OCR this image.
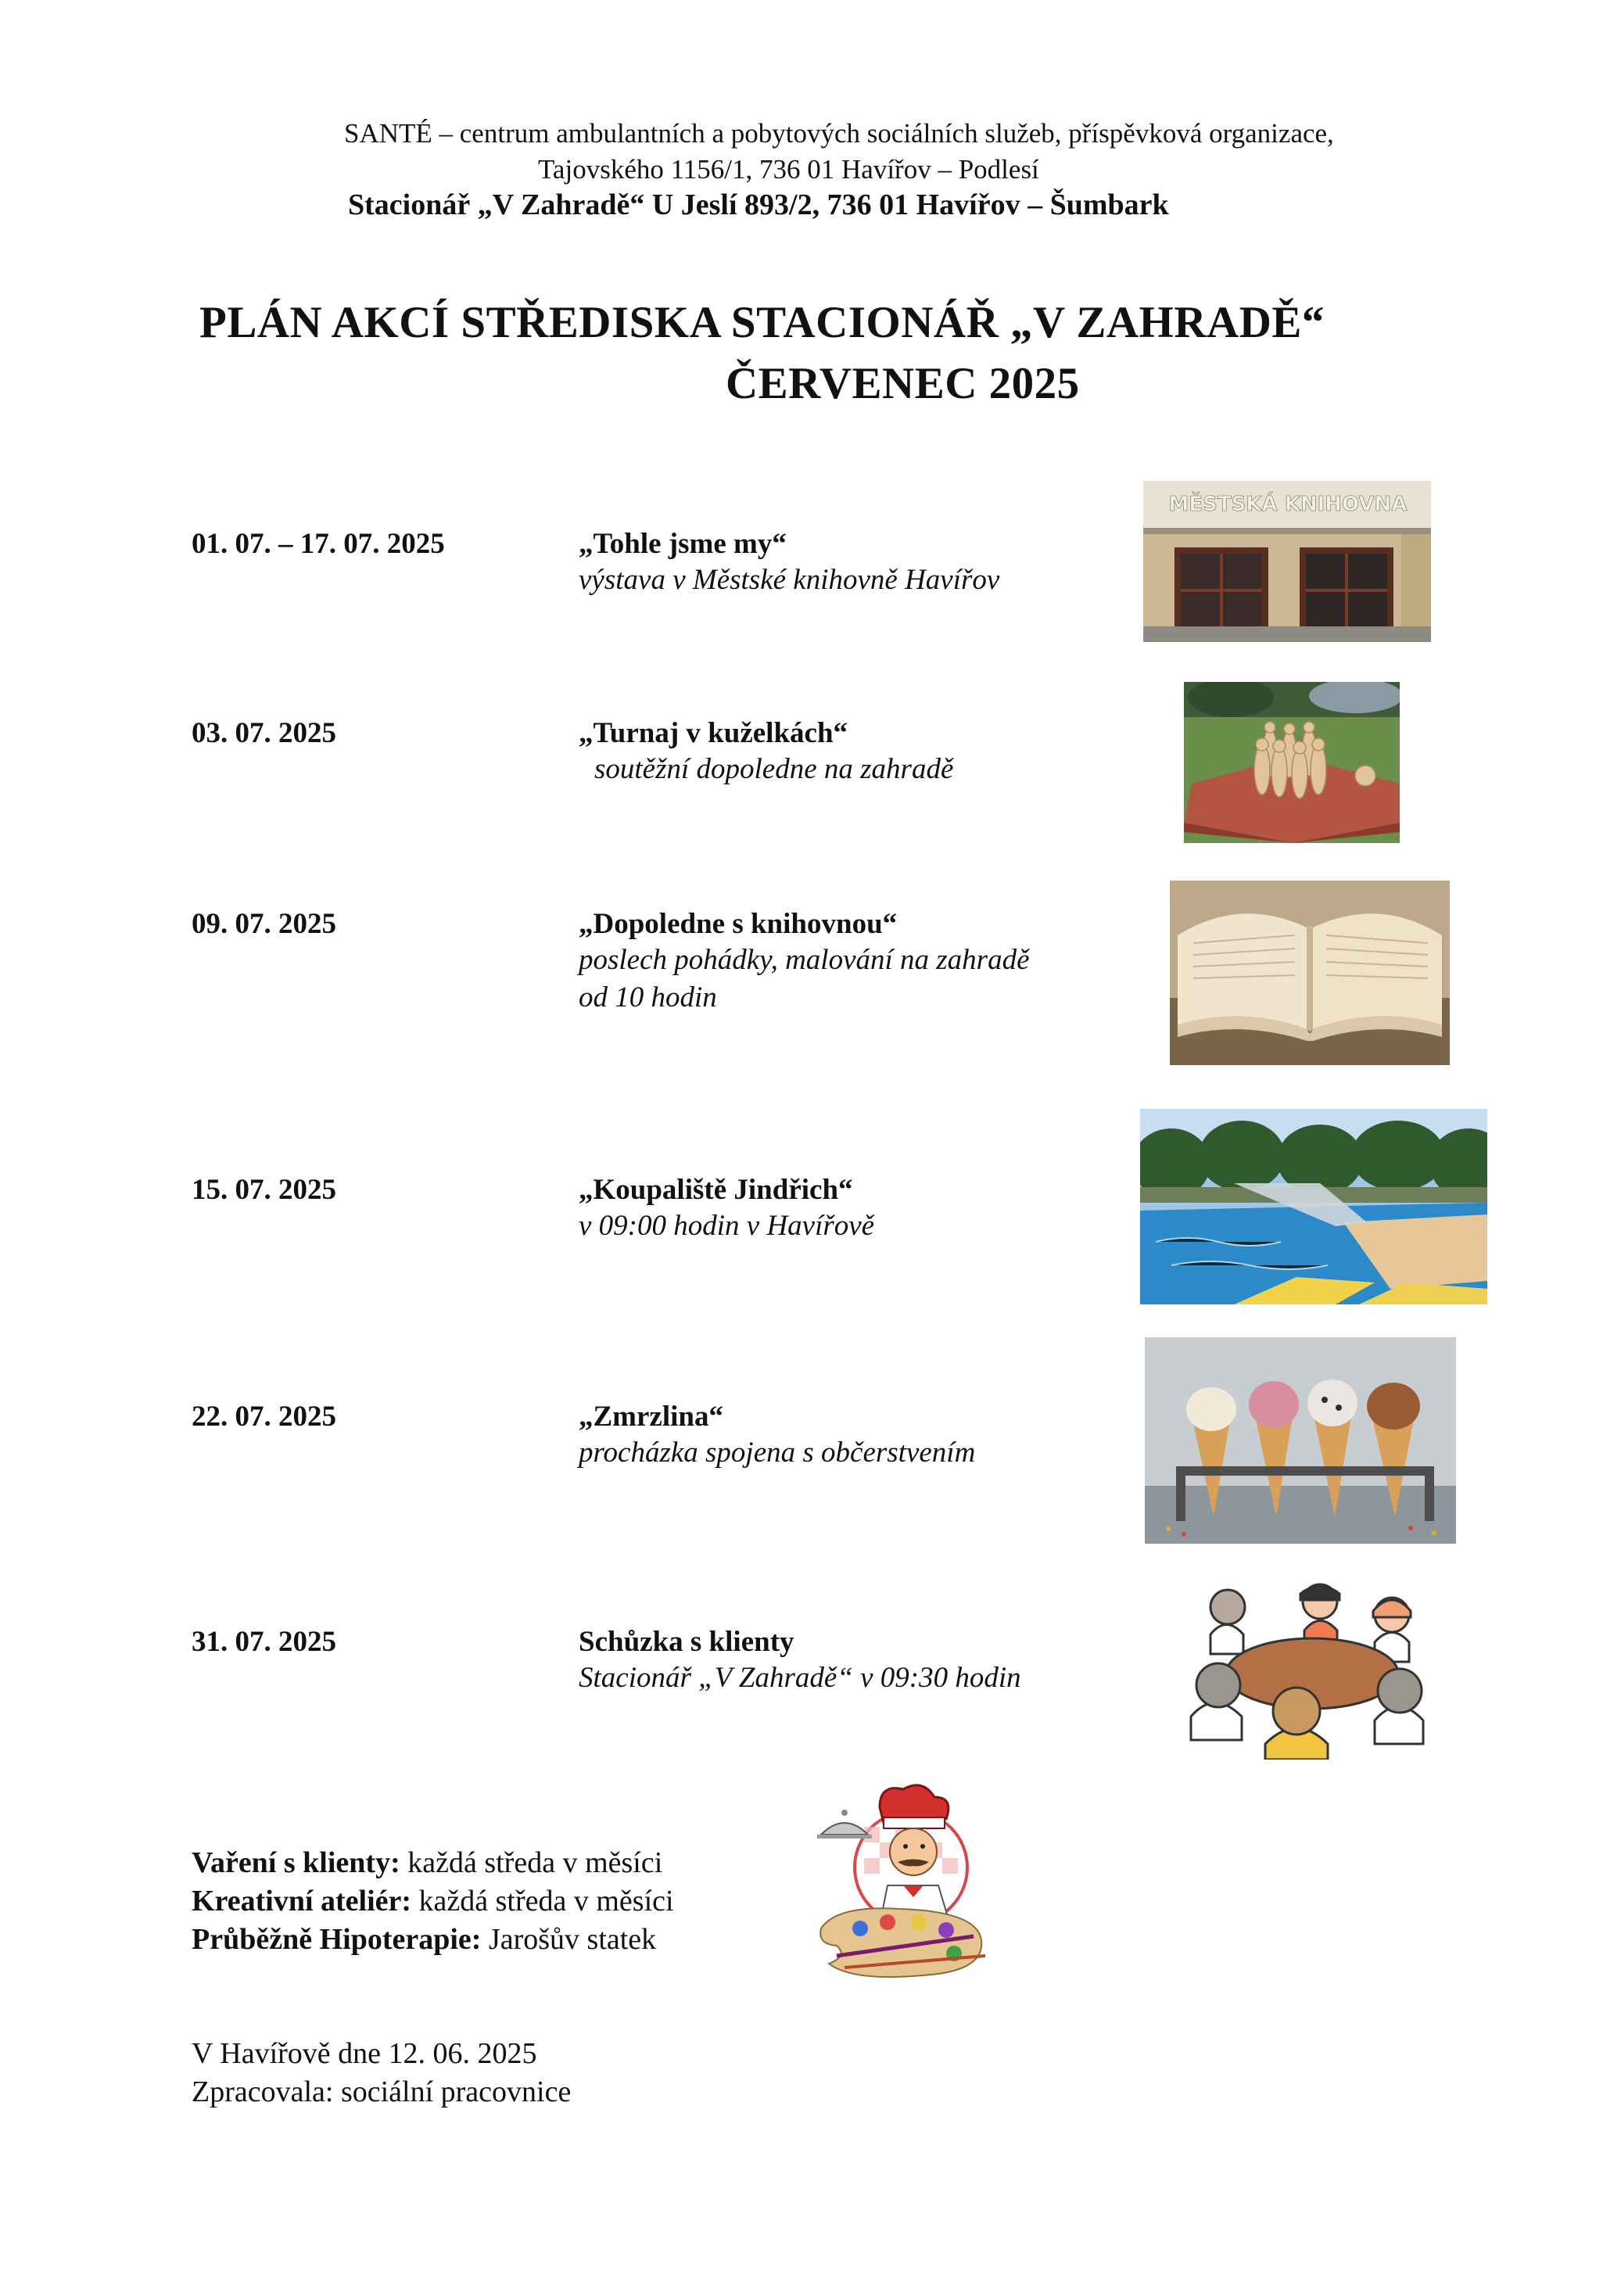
SANTÉ – centrum ambulantních a pobytových sociálních služeb, příspěvková organizace,
Tajovského 1156/1, 736 01 Havířov – Podlesí
Stacionář „V Zahradě“ U Jeslí 893/2, 736 01 Havířov – Šumbark
PLÁN AKCÍ STŘEDISKA STACIONÁŘ „V ZAHRADĚ“
ČERVENEC 2025
01. 07. – 17. 07. 2025	„Tohle jsme my“
výstava v Městské knihovně Havířov
MĚSTSKÁ KNIHOVNA
03. 07. 2025	„Turnaj v kuželkách“
soutěžní dopoledne na zahradě
09. 07. 2025	„Dopoledne s knihovnou“
poslech pohádky, malování na zahradě
od 10 hodin
15. 07. 2025	„Koupaliště Jindřich“
v 09:00 hodin v Havířově
22. 07. 2025	„Zmrzlina“
procházka spojena s občerstvením
31. 07. 2025	Schůzka s klienty
Stacionář „V Zahradě“ v 09:30 hodin
Vaření s klienty: každá středa v měsíci
Kreativní ateliér: každá středa v měsíci
Průběžně Hipoterapie: Jarošův statek
V Havířově dne 12. 06. 2025
Zpracovala: sociální pracovnice
